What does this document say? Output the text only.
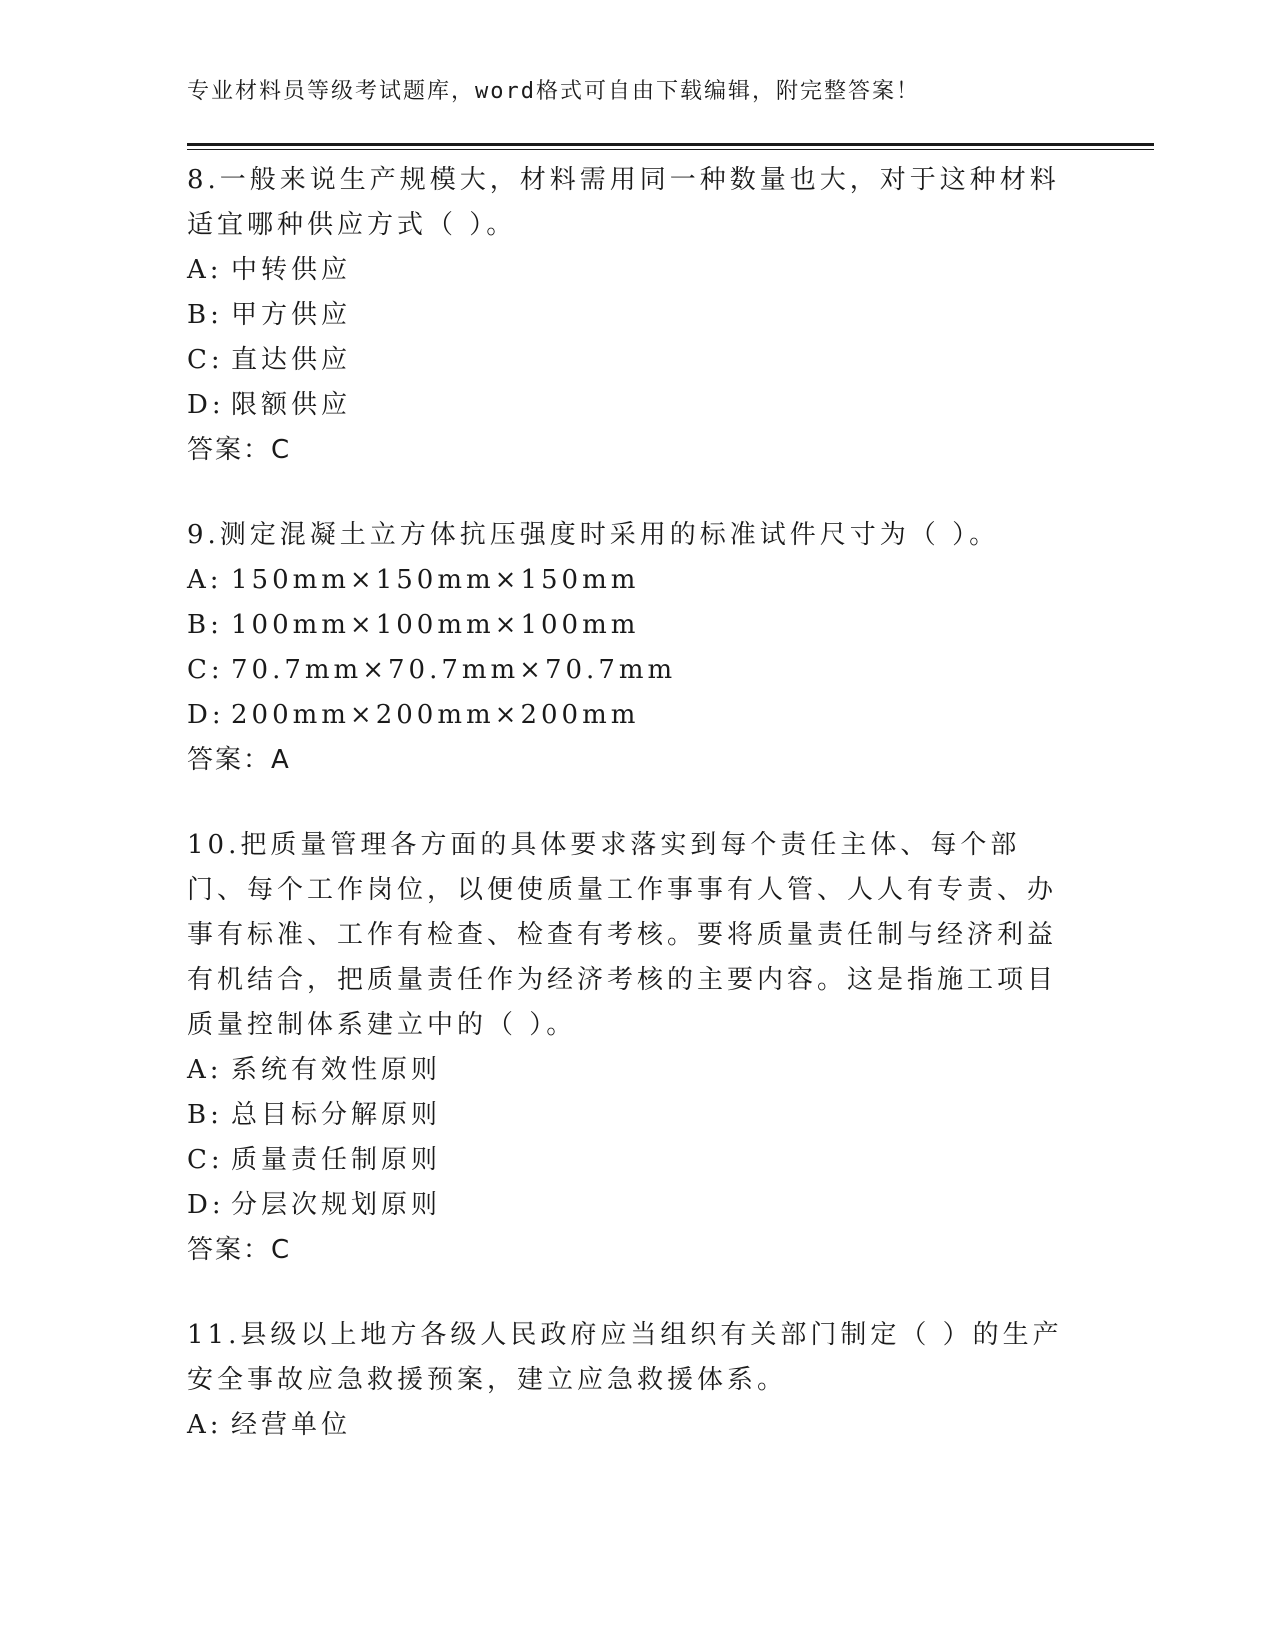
专业材料员等级考试题库，word格式可自由下载编辑，附完整答案！
8.一般来说生产规模大，材料需用同一种数量也大，对于这种材料适宜哪种供应方式（ ）。
A: 中转供应
B: 甲方供应
C: 直达供应
D: 限额供应
答案：C
9.测定混凝土立方体抗压强度时采用的标准试件尺寸为（ ）。
A: 150mm×150mm×150mm
B: 100mm×100mm×100mm
C: 70.7mm×70.7mm×70.7mm
D: 200mm×200mm×200mm
答案：A
10.把质量管理各方面的具体要求落实到每个责任主体、每个部门、每个工作岗位，以便使质量工作事事有人管、人人有专责、办事有标准、工作有检查、检查有考核。要将质量责任制与经济利益有机结合，把质量责任作为经济考核的主要内容。这是指施工项目质量控制体系建立中的（ ）。
A: 系统有效性原则
B: 总目标分解原则
C: 质量责任制原则
D: 分层次规划原则
答案：C
11.县级以上地方各级人民政府应当组织有关部门制定（ ）的生产安全事故应急救援预案，建立应急救援体系。
A: 经营单位
